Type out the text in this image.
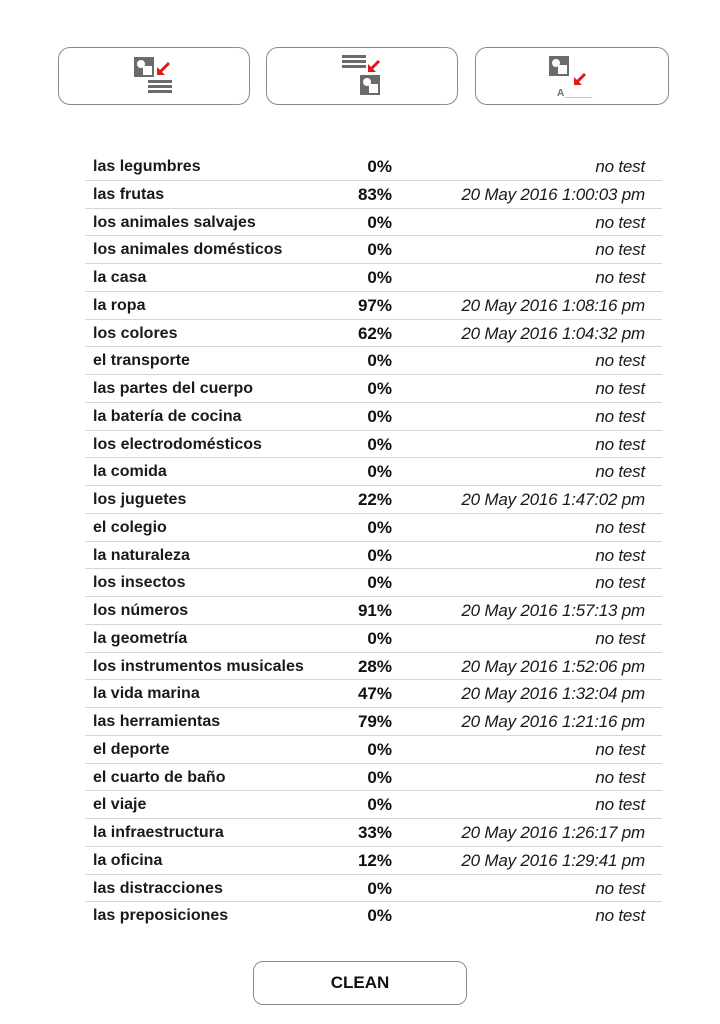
A_____
las legumbres	0%	no test
las frutas	83%	20 May 2016 1:00:03 pm
los animales salvajes	0%	no test
los animales domésticos	0%	no test
la casa	0%	no test
la ropa	97%	20 May 2016 1:08:16 pm
los colores	62%	20 May 2016 1:04:32 pm
el transporte	0%	no test
las partes del cuerpo	0%	no test
la batería de cocina	0%	no test
los electrodomésticos	0%	no test
la comida	0%	no test
los juguetes	22%	20 May 2016 1:47:02 pm
el colegio	0%	no test
la naturaleza	0%	no test
los insectos	0%	no test
los números	91%	20 May 2016 1:57:13 pm
la geometría	0%	no test
los instrumentos musicales	28%	20 May 2016 1:52:06 pm
la vida marina	47%	20 May 2016 1:32:04 pm
las herramientas	79%	20 May 2016 1:21:16 pm
el deporte	0%	no test
el cuarto de baño	0%	no test
el viaje	0%	no test
la infraestructura	33%	20 May 2016 1:26:17 pm
la oficina	12%	20 May 2016 1:29:41 pm
las distracciones	0%	no test
las preposiciones	0%	no test
CLEAN
